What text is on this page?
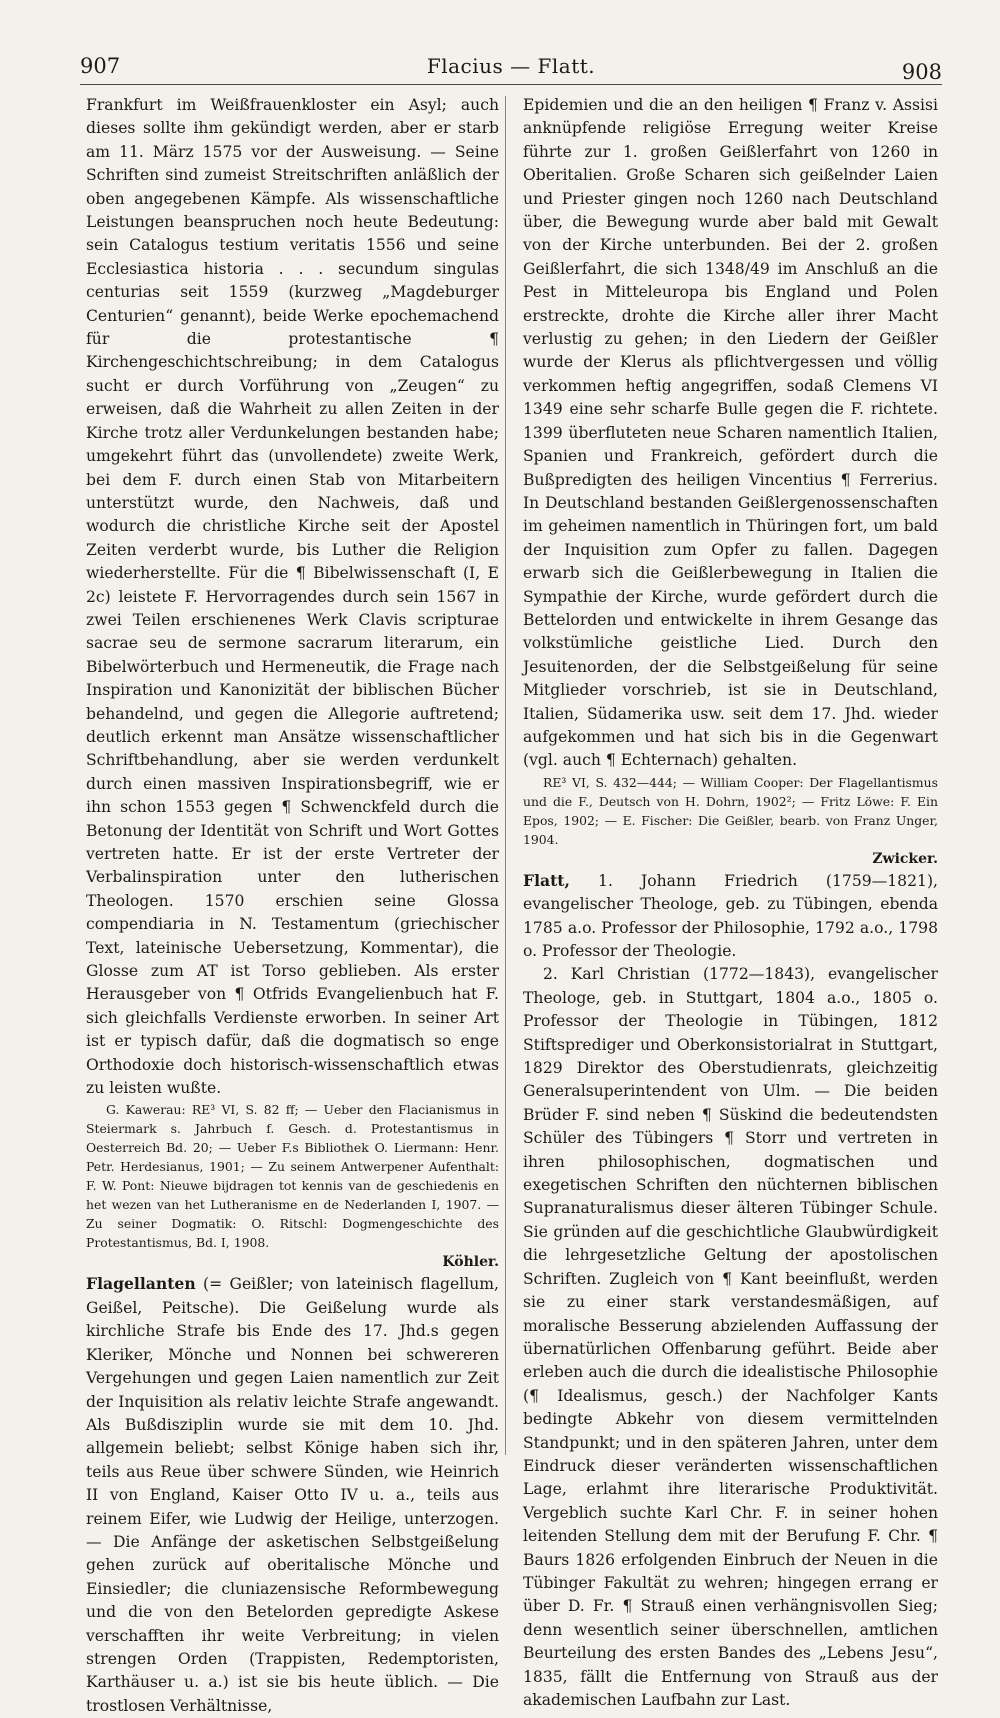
907	Flacius — Flatt.	908

Frankfurt im Weißfrauenkloster ein Asyl; auch dieses sollte ihm gekündigt werden, aber er starb am 11. März 1575 vor der Ausweisung. — Seine Schriften sind zumeist Streitschriften anläßlich der oben angegebenen Kämpfe. Als wissenschaftliche Leistungen beanspruchen noch heute Bedeutung: sein Catalogus testium veritatis 1556 und seine Ecclesiastica historia . . . secundum singulas centurias seit 1559 (kurzweg „Magdeburger Centurien“ genannt), beide Werke epochemachend für die protestantische ¶ Kirchengeschichtschreibung; in dem Catalogus sucht er durch Vorführung von „Zeugen“ zu erweisen, daß die Wahrheit zu allen Zeiten in der Kirche trotz aller Verdunkelungen bestanden habe; umgekehrt führt das (unvollendete) zweite Werk, bei dem F. durch einen Stab von Mitarbeitern unterstützt wurde, den Nachweis, daß und wodurch die christliche Kirche seit der Apostel Zeiten verderbt wurde, bis Luther die Religion wiederherstellte. Für die ¶ Bibelwissenschaft (I, E 2c) leistete F. Hervorragendes durch sein 1567 in zwei Teilen erschienenes Werk Clavis scripturae sacrae seu de sermone sacrarum literarum, ein Bibelwörterbuch und Hermeneutik, die Frage nach Inspiration und Kanonizität der biblischen Bücher behandelnd, und gegen die Allegorie auftretend; deutlich erkennt man Ansätze wissenschaftlicher Schriftbehandlung, aber sie werden verdunkelt durch einen massiven Inspirationsbegriff, wie er ihn schon 1553 gegen ¶ Schwenckfeld durch die Betonung der Identität von Schrift und Wort Gottes vertreten hatte. Er ist der erste Vertreter der Verbalinspiration unter den lutherischen Theologen. 1570 erschien seine Glossa compendiaria in N. Testamentum (griechischer Text, lateinische Uebersetzung, Kommentar), die Glosse zum AT ist Torso geblieben. Als erster Herausgeber von ¶ Otfrids Evangelienbuch hat F. sich gleichfalls Verdienste erworben. In seiner Art ist er typisch dafür, daß die dogmatisch so enge Orthodoxie doch historisch-wissenschaftlich etwas zu leisten wußte.

G. Kawerau: RE³ VI, S. 82 ff; — Ueber den Flacianismus in Steiermark s. Jahrbuch f. Gesch. d. Protestantismus in Oesterreich Bd. 20; — Ueber F.s Bibliothek O. Liermann: Henr. Petr. Herdesianus, 1901; — Zu seinem Antwerpener Aufenthalt: F. W. Pont: Nieuwe bijdragen tot kennis van de geschiedenis en het wezen van het Lutheranisme en de Nederlanden I, 1907. — Zu seiner Dogmatik: O. Ritschl: Dogmengeschichte des Protestantismus, Bd. I, 1908.

Köhler.

Flagellanten (= Geißler; von lateinisch flagellum, Geißel, Peitsche). Die Geißelung wurde als kirchliche Strafe bis Ende des 17. Jhd.s gegen Kleriker, Mönche und Nonnen bei schwereren Vergehungen und gegen Laien namentlich zur Zeit der Inquisition als relativ leichte Strafe angewandt. Als Bußdisziplin wurde sie mit dem 10. Jhd. allgemein beliebt; selbst Könige haben sich ihr, teils aus Reue über schwere Sünden, wie Heinrich II von England, Kaiser Otto IV u. a., teils aus reinem Eifer, wie Ludwig der Heilige, unterzogen. — Die Anfänge der asketischen Selbstgeißelung gehen zurück auf oberitalische Mönche und Einsiedler; die cluniazensische Reformbewegung und die von den Betelorden gepredigte Askese verschafften ihr weite Verbreitung; in vielen strengen Orden (Trappisten, Redemptoristen, Karthäuser u. a.) ist sie bis heute üblich. — Die trostlosen Verhältnisse,

Epidemien und die an den heiligen ¶ Franz v. Assisi anknüpfende religiöse Erregung weiter Kreise führte zur 1. großen Geißlerfahrt von 1260 in Oberitalien. Große Scharen sich geißelnder Laien und Priester gingen noch 1260 nach Deutschland über, die Bewegung wurde aber bald mit Gewalt von der Kirche unterbunden. Bei der 2. großen Geißlerfahrt, die sich 1348/49 im Anschluß an die Pest in Mitteleuropa bis England und Polen erstreckte, drohte die Kirche aller ihrer Macht verlustig zu gehen; in den Liedern der Geißler wurde der Klerus als pflichtvergessen und völlig verkommen heftig angegriffen, sodaß Clemens VI 1349 eine sehr scharfe Bulle gegen die F. richtete. 1399 überfluteten neue Scharen namentlich Italien, Spanien und Frankreich, gefördert durch die Bußpredigten des heiligen Vincentius ¶ Ferrerius. In Deutschland bestanden Geißlergenossenschaften im geheimen namentlich in Thüringen fort, um bald der Inquisition zum Opfer zu fallen. Dagegen erwarb sich die Geißlerbewegung in Italien die Sympathie der Kirche, wurde gefördert durch die Bettelorden und entwickelte in ihrem Gesange das volkstümliche geistliche Lied. Durch den Jesuitenorden, der die Selbstgeißelung für seine Mitglieder vorschrieb, ist sie in Deutschland, Italien, Südamerika usw. seit dem 17. Jhd. wieder aufgekommen und hat sich bis in die Gegenwart (vgl. auch ¶ Echternach) gehalten.

RE³ VI, S. 432—444; — William Cooper: Der Flagellantismus und die F., Deutsch von H. Dohrn, 1902²; — Fritz Löwe: F. Ein Epos, 1902; — E. Fischer: Die Geißler, bearb. von Franz Unger, 1904.

Zwicker.

Flatt, 1. Johann Friedrich (1759—1821), evangelischer Theologe, geb. zu Tübingen, ebenda 1785 a.o. Professor der Philosophie, 1792 a.o., 1798 o. Professor der Theologie.

2. Karl Christian (1772—1843), evangelischer Theologe, geb. in Stuttgart, 1804 a.o., 1805 o. Professor der Theologie in Tübingen, 1812 Stiftsprediger und Oberkonsistorialrat in Stuttgart, 1829 Direktor des Oberstudienrats, gleichzeitig Generalsuperintendent von Ulm. — Die beiden Brüder F. sind neben ¶ Süskind die bedeutendsten Schüler des Tübingers ¶ Storr und vertreten in ihren philosophischen, dogmatischen und exegetischen Schriften den nüchternen biblischen Supranaturalismus dieser älteren Tübinger Schule. Sie gründen auf die geschichtliche Glaubwürdigkeit die lehrgesetzliche Geltung der apostolischen Schriften. Zugleich von ¶ Kant beeinflußt, werden sie zu einer stark verstandesmäßigen, auf moralische Besserung abzielenden Auffassung der übernatürlichen Offenbarung geführt. Beide aber erleben auch die durch die idealistische Philosophie (¶ Idealismus, gesch.) der Nachfolger Kants bedingte Abkehr von diesem vermittelnden Standpunkt; und in den späteren Jahren, unter dem Eindruck dieser veränderten wissenschaftlichen Lage, erlahmt ihre literarische Produktivität. Vergeblich suchte Karl Chr. F. in seiner hohen leitenden Stellung dem mit der Berufung F. Chr. ¶ Baurs 1826 erfolgenden Einbruch der Neuen in die Tübinger Fakultät zu wehren; hingegen errang er über D. Fr. ¶ Strauß einen verhängnisvollen Sieg; denn wesentlich seiner überschnellen, amtlichen Beurteilung des ersten Bandes des „Lebens Jesu“, 1835, fällt die Entfernung von Strauß aus der akademischen Laufbahn zur Last.
